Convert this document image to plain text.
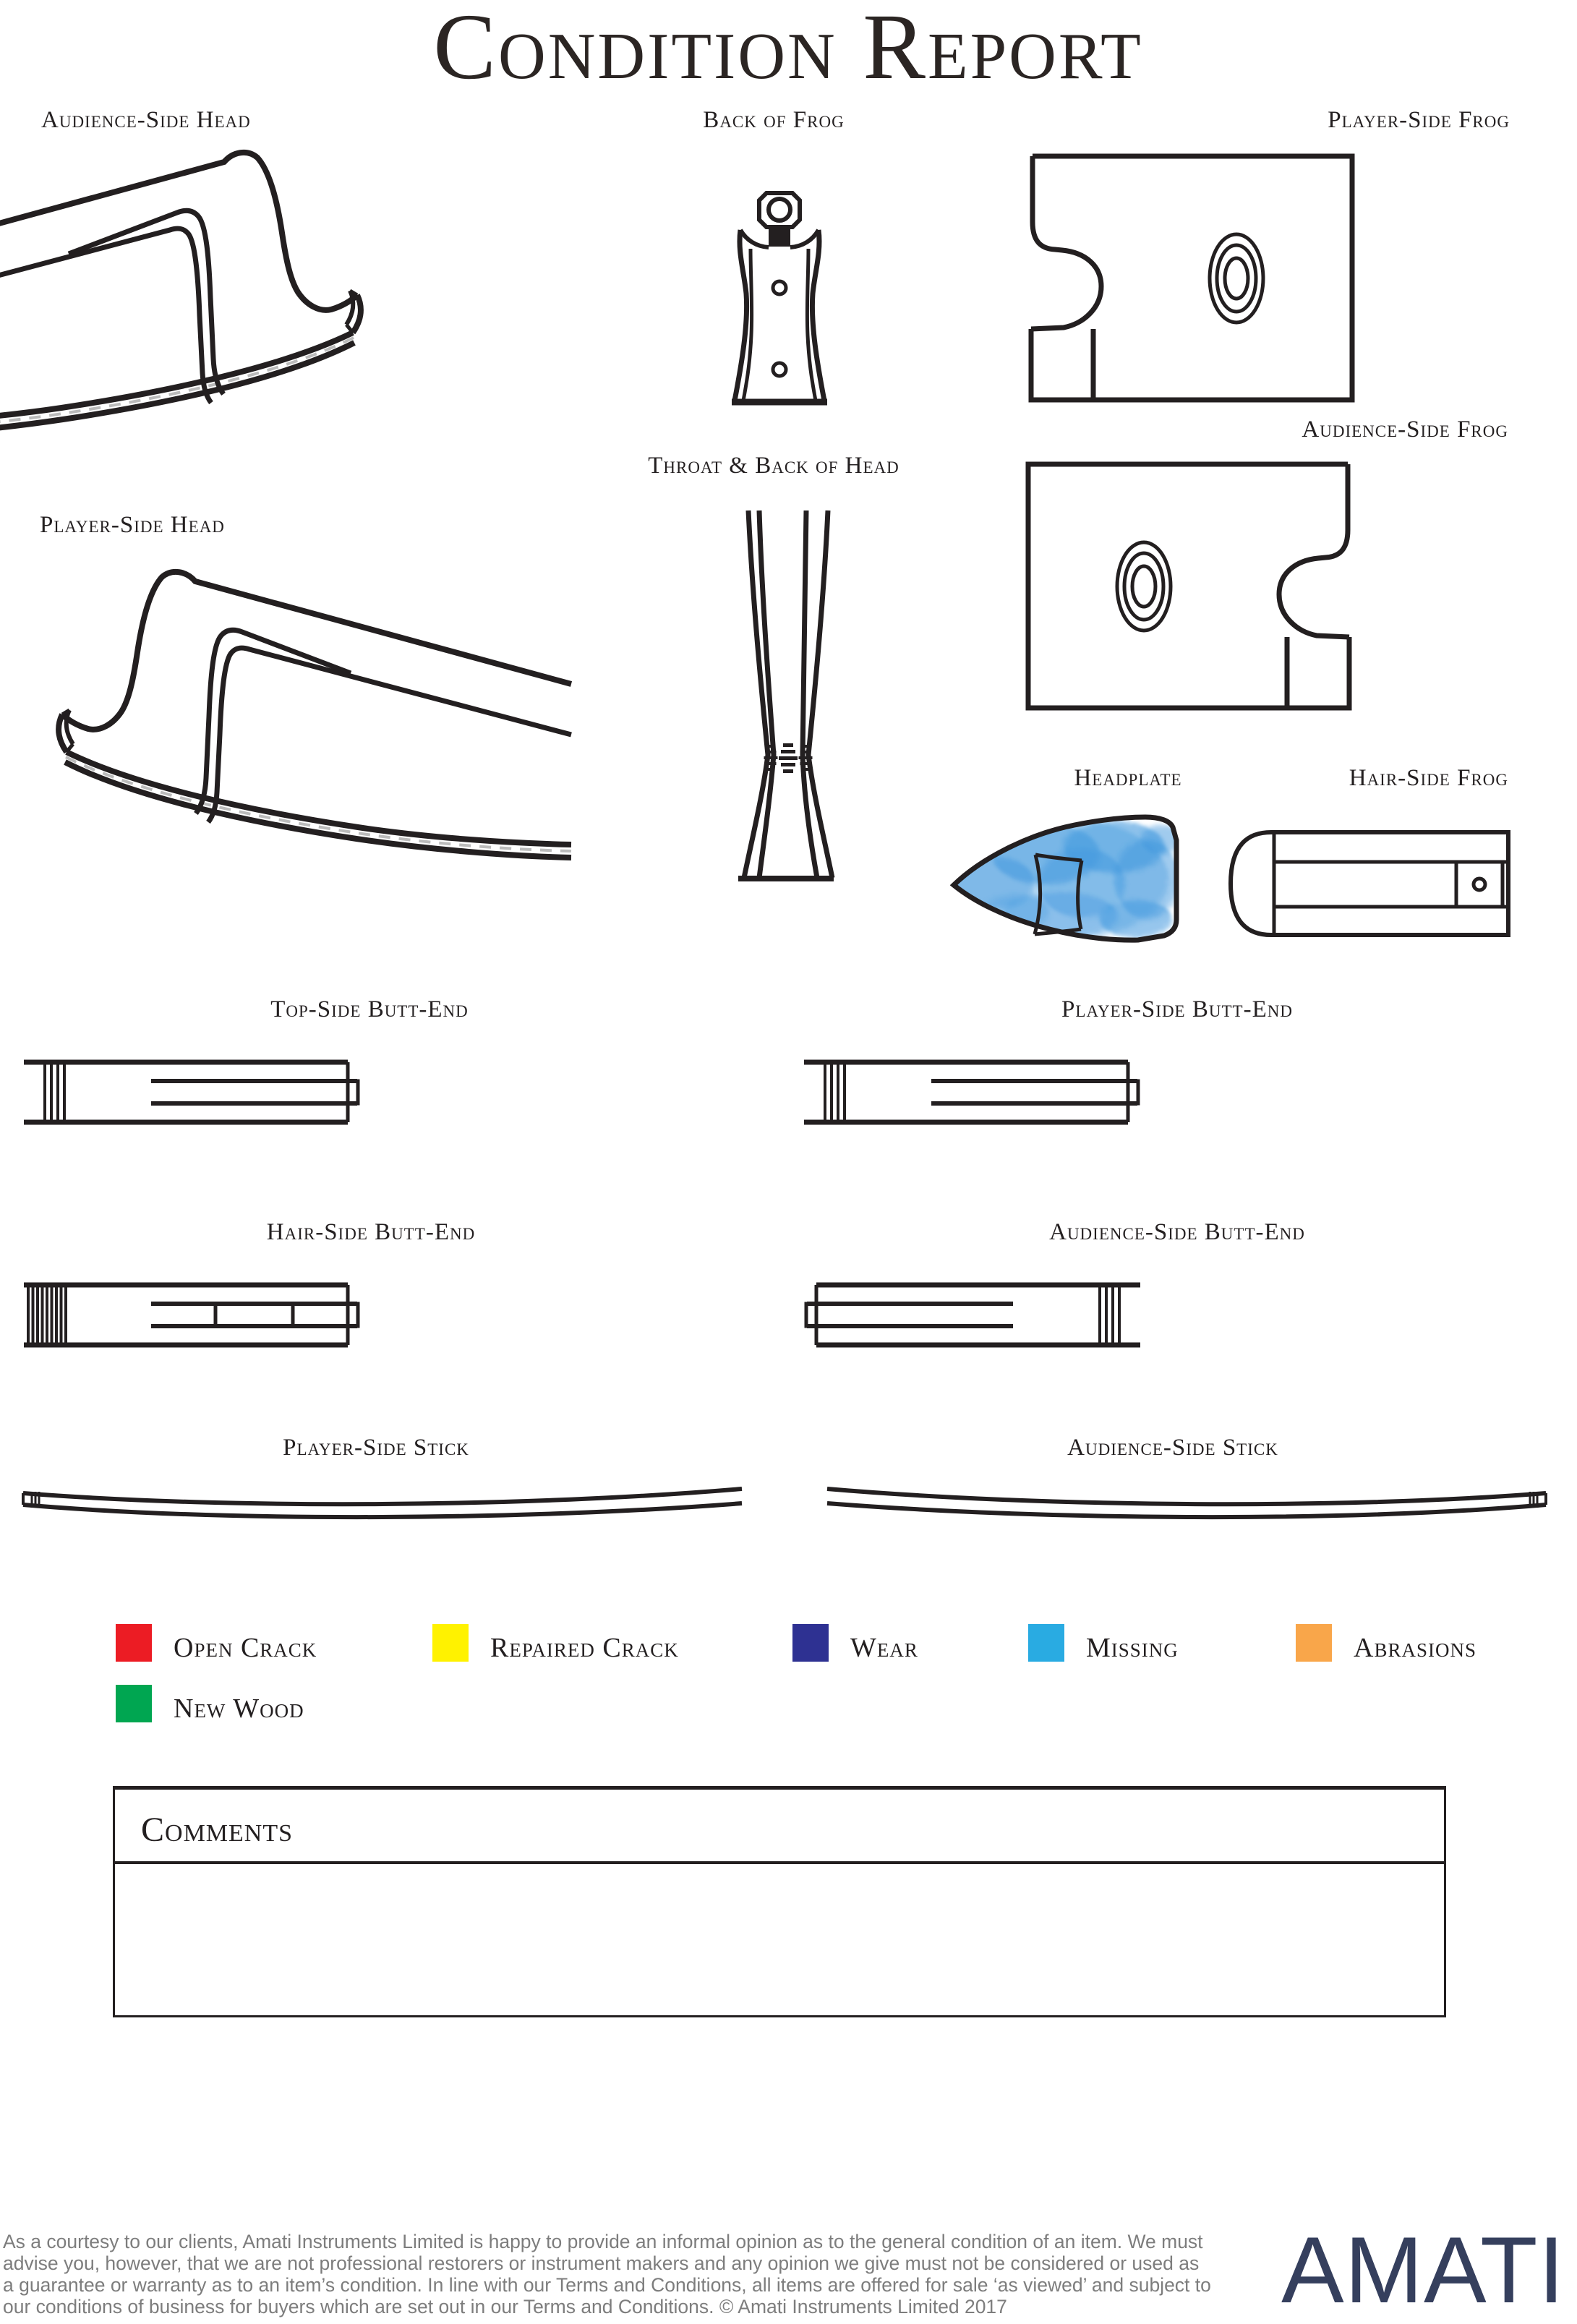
Condition Report
Audience-Side Head	Back of Frog	Player-Side Frog
Throat & Back of Head
Audience-Side Frog
Player-Side Head
Headplate	Hair-Side Frog
Top-Side Butt-End	Player-Side Butt-End
Hair-Side Butt-End	Audience-Side Butt-End
Player-Side Stick	Audience-Side Stick
Open Crack	Repaired Crack	Wear	Missing	Abrasions
New Wood
Comments
As a courtesy to our clients, Amati Instruments Limited is happy to provide an informal opinion as to the general condition of an item. We must
advise you, however, that we are not professional restorers or instrument makers and any opinion we give must not be considered or used as
a guarantee or warranty as to an item’s condition. In line with our Terms and Conditions, all items are offered for sale ‘as viewed’ and subject to
our conditions of business for buyers which are set out in our Terms and Conditions. © Amati Instruments Limited 2017	AMATI
